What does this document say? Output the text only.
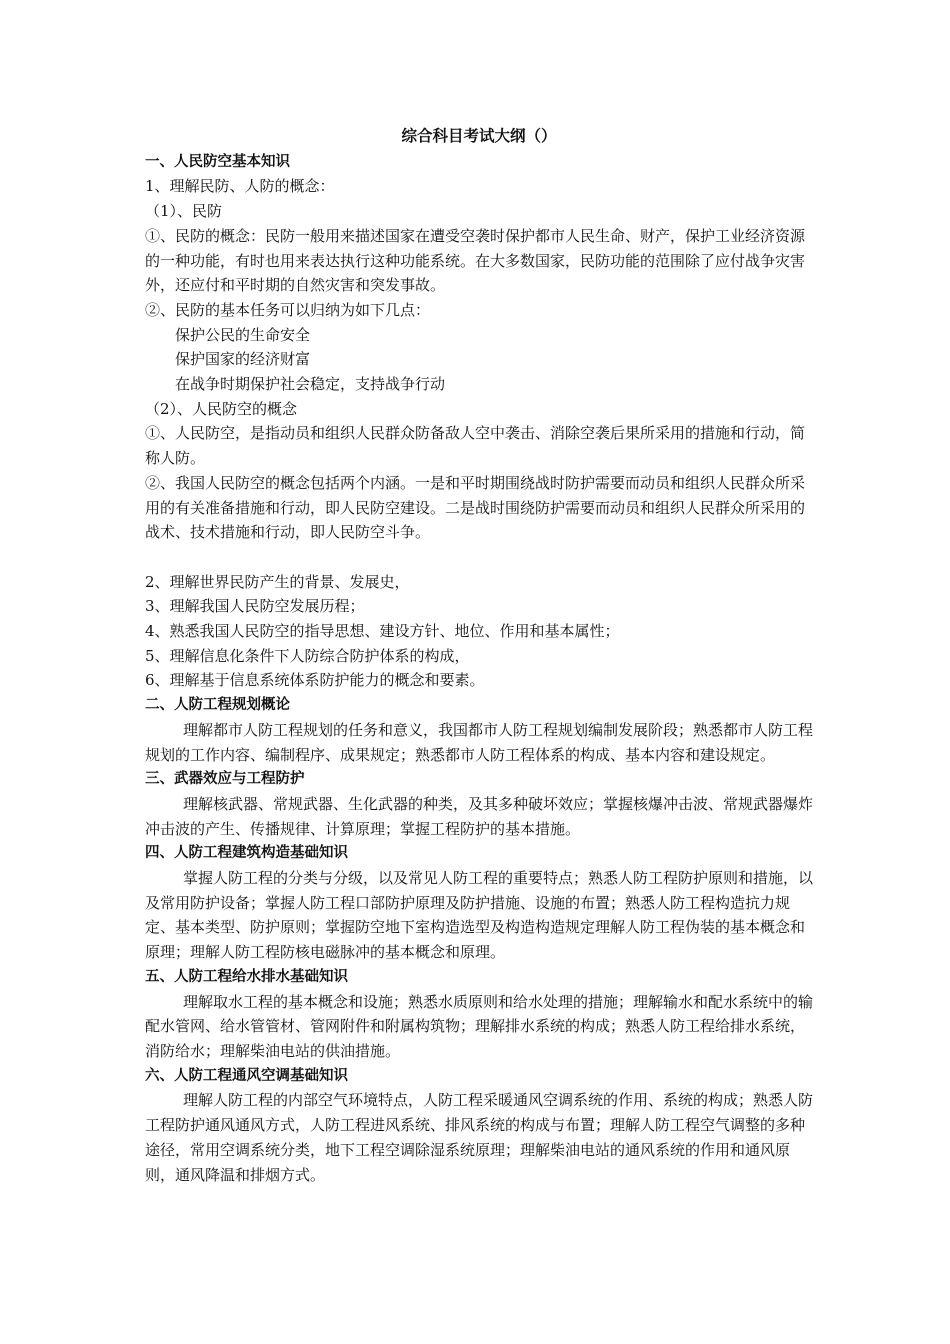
综合科目考试大纲（）
一、人民防空基本知识

1、理解民防、人防的概念：

（1）、民防

①、民防的概念：民防一般用来描述国家在遭受空袭时保护都市人民生命、财产，保护工业经济资源的一种功能，有时也用来表达执行这种功能系统。在大多数国家，民防功能的范围除了应付战争灾害外，还应付和平时期的自然灾害和突发事故。

②、民防的基本任务可以归纳为如下几点：

保护公民的生命安全

保护国家的经济财富

在战争时期保护社会稳定，支持战争行动

（2）、人民防空的概念

①、人民防空，是指动员和组织人民群众防备敌人空中袭击、消除空袭后果所采用的措施和行动，简称人防。

②、我国人民防空的概念包括两个内涵。一是和平时期围绕战时防护需要而动员和组织人民群众所采用的有关准备措施和行动，即人民防空建设。二是战时围绕防护需要而动员和组织人民群众所采用的战术、技术措施和行动，即人民防空斗争。

2、理解世界民防产生的背景、发展史，

3、理解我国人民防空发展历程；

4、熟悉我国人民防空的指导思想、建设方针、地位、作用和基本属性；

5、理解信息化条件下人防综合防护体系的构成，

6、理解基于信息系统体系防护能力的概念和要素。

二、人防工程规划概论

理解都市人防工程规划的任务和意义，我国都市人防工程规划编制发展阶段；熟悉都市人防工程规划的工作内容、编制程序、成果规定；熟悉都市人防工程体系的构成、基本内容和建设规定。

三、武器效应与工程防护

理解核武器、常规武器、生化武器的种类，及其多种破坏效应；掌握核爆冲击波、常规武器爆炸冲击波的产生、传播规律、计算原理；掌握工程防护的基本措施。

四、人防工程建筑构造基础知识

掌握人防工程的分类与分级，以及常见人防工程的重要特点；熟悉人防工程防护原则和措施，以及常用防护设备；掌握人防工程口部防护原理及防护措施、设施的布置；熟悉人防工程构造抗力规定、基本类型、防护原则；掌握防空地下室构造选型及构造构造规定理解人防工程伪装的基本概念和原理；理解人防工程防核电磁脉冲的基本概念和原理。

五、人防工程给水排水基础知识

理解取水工程的基本概念和设施；熟悉水质原则和给水处理的措施；理解输水和配水系统中的输配水管网、给水管管材、管网附件和附属构筑物；理解排水系统的构成；熟悉人防工程给排水系统，消防给水；理解柴油电站的供油措施。

六、人防工程通风空调基础知识

理解人防工程的内部空气环境特点，人防工程采暖通风空调系统的作用、系统的构成；熟悉人防工程防护通风通风方式，人防工程进风系统、排风系统的构成与布置；理解人防工程空气调整的多种途径，常用空调系统分类，地下工程空调除湿系统原理；理解柴油电站的通风系统的作用和通风原则，通风降温和排烟方式。
